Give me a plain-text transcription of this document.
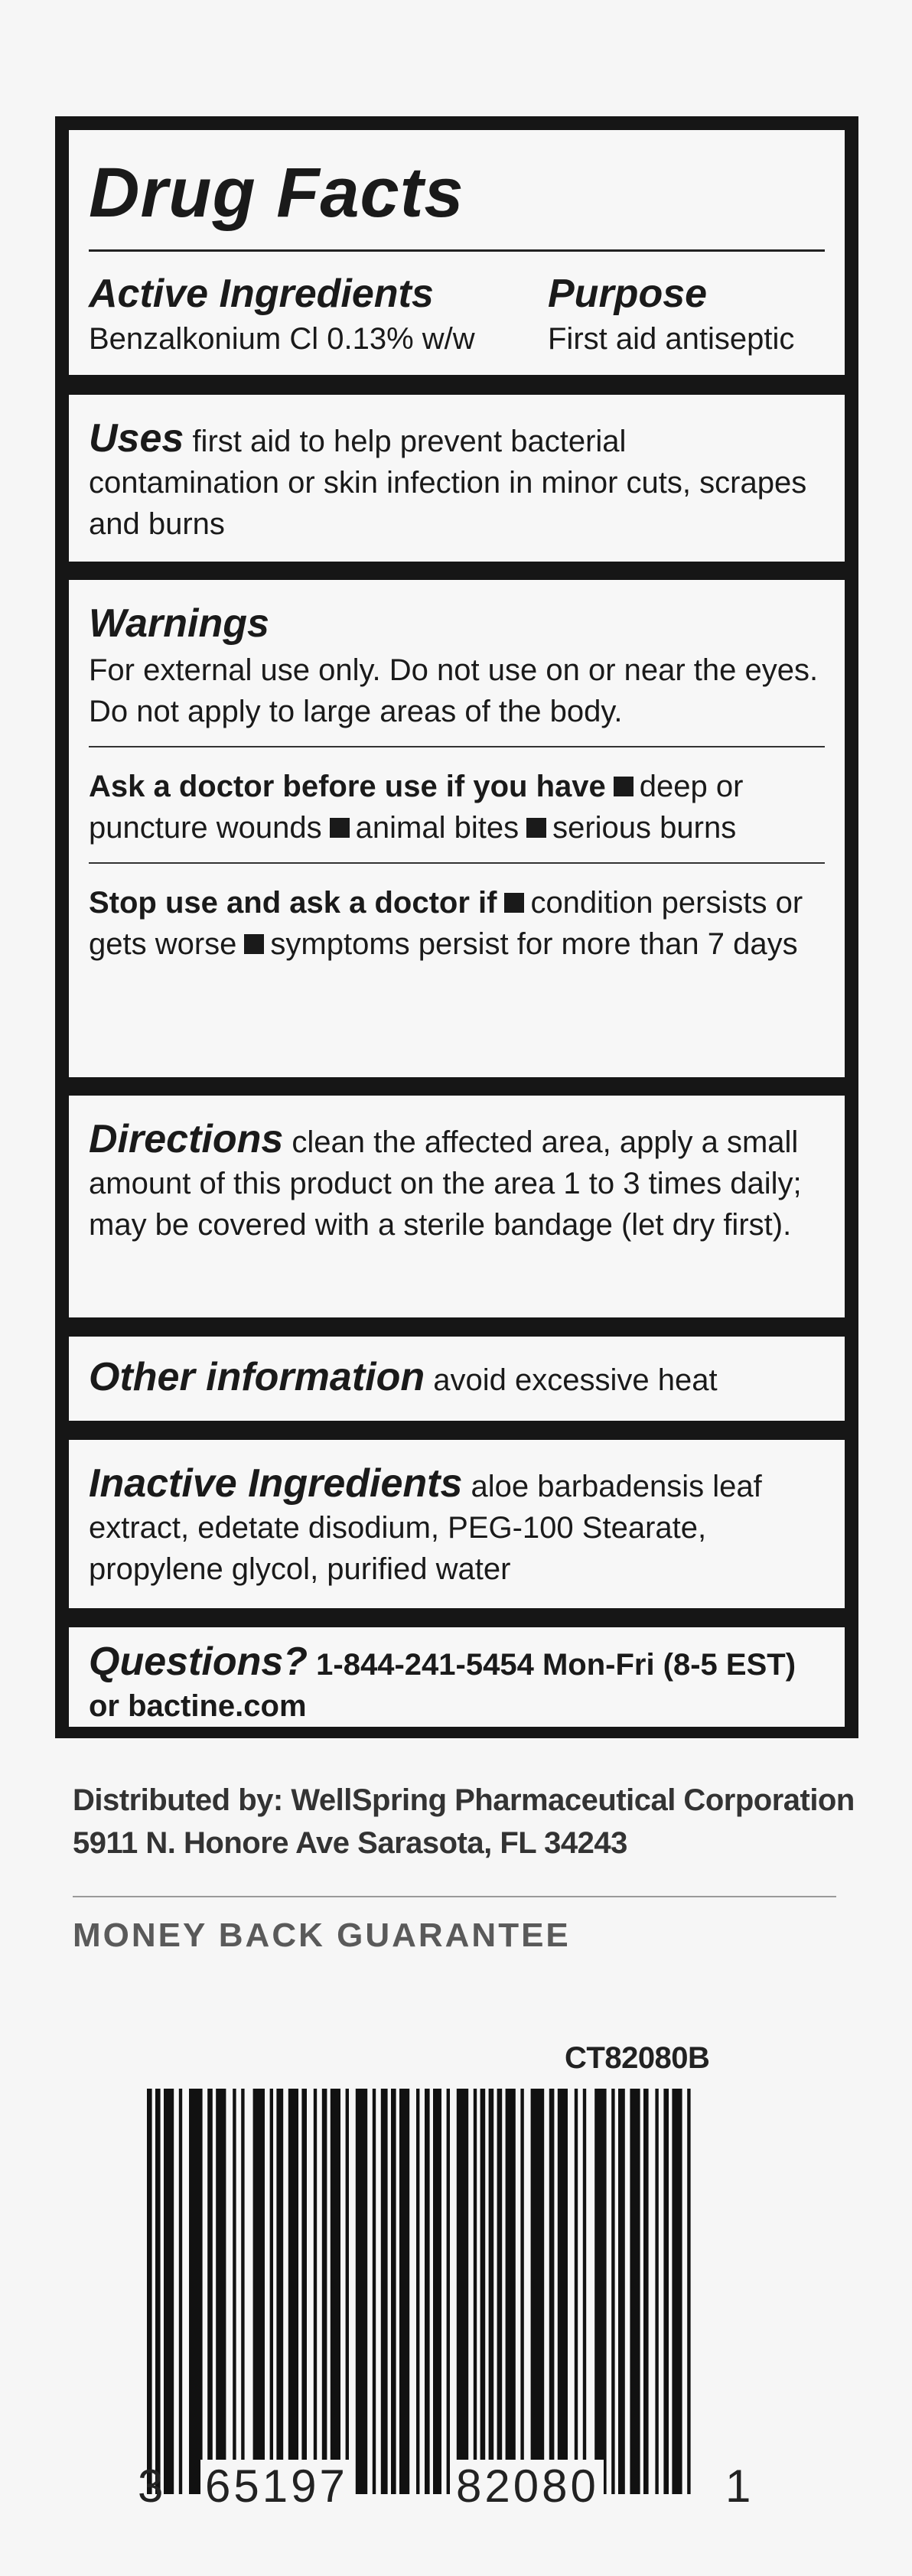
Drug Facts
Active Ingredients	Purpose
Benzalkonium Cl 0.13% w/w	First aid antiseptic
Uses first aid to help prevent bacterial contamination or skin infection in minor cuts, scrapes and burns
Warnings
For external use only. Do not use on or near the eyes. Do not apply to large areas of the body.
Ask a doctor before use if you have deep or puncture wounds animal bites serious burns
Stop use and ask a doctor if condition persists or gets worse symptoms persist for more than 7 days
Directions clean the affected area, apply a small amount of this product on the area 1 to 3 times daily; may be covered with a sterile bandage (let dry first).
Other information avoid excessive heat
Inactive Ingredients aloe barbadensis leaf extract, edetate disodium, PEG-100 Stearate, propylene glycol, purified water
Questions? 1-844-241-5454 Mon-Fri (8-5 EST) or bactine.com
Distributed by: WellSpring Pharmaceutical Corporation
5911 N. Honore Ave Sarasota, FL 34243
MONEY BACK GUARANTEE
CT82080B
3 65197 82080	1
